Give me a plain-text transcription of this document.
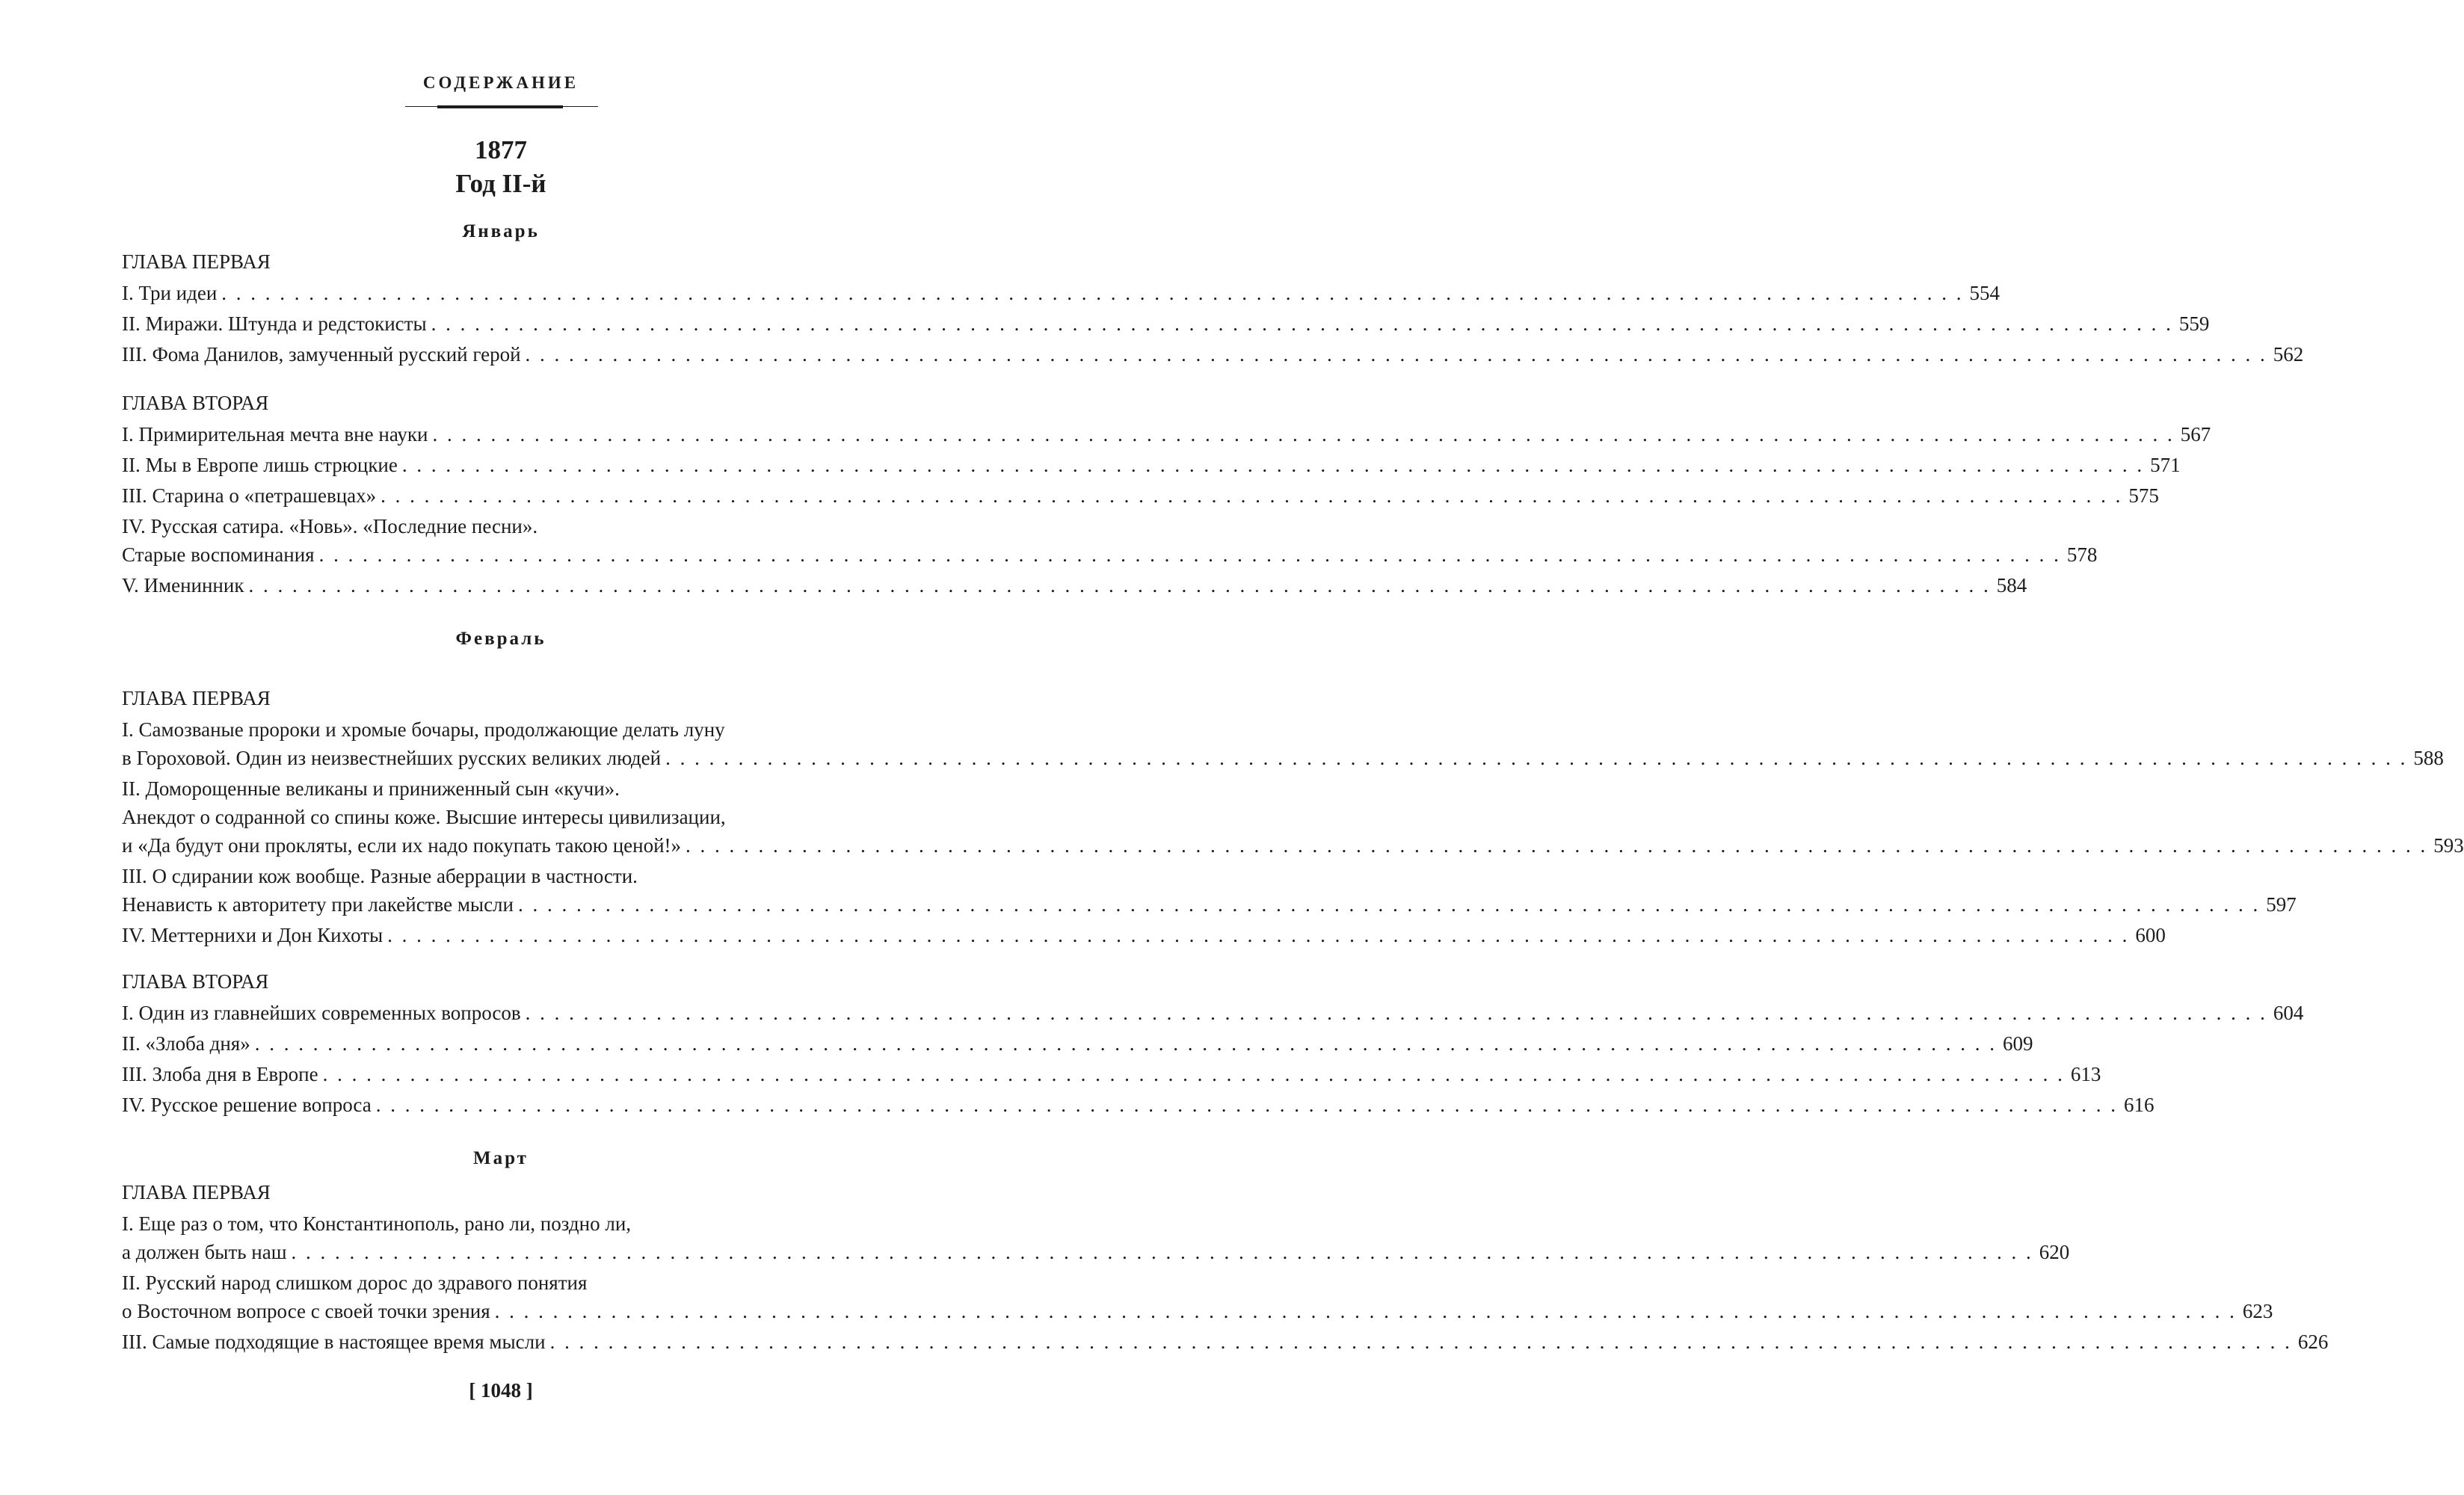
СОДЕРЖАНИЕ
1877
Год II-й
Январь
ГЛАВА ПЕРВАЯ
I. Три идеи . . . . . . . . . . . . . . . . . . . . . . . . . . . . . . . . . . . . . . . . . . . . . . . . . . . . . . . . . . . . . . . . . . . . . . . . . . . . . . . . . . . . . . . . . . . . . . . . . . . . . . . . . . . . . . . . . . . . . . . . 554
II. Миражи. Штунда и редстокисты . . . . . . . . . . . . . . . . . . . . . . . . . . . . . . . . . . . . . . . . . . . . . . . . . . . . . . . . . . . . . . . . . . . . . . . . . . . . . . . . . . . . . . . . . . . . . . . . . . . . . . . . . . . . . . . . . . . . . . . . 559
III. Фома Данилов, замученный русский герой . . . . . . . . . . . . . . . . . . . . . . . . . . . . . . . . . . . . . . . . . . . . . . . . . . . . . . . . . . . . . . . . . . . . . . . . . . . . . . . . . . . . . . . . . . . . . . . . . . . . . . . . . . . . . . . . . . . . . . . . 562
ГЛАВА ВТОРАЯ
I. Примирительная мечта вне науки . . . . . . . . . . . . . . . . . . . . . . . . . . . . . . . . . . . . . . . . . . . . . . . . . . . . . . . . . . . . . . . . . . . . . . . . . . . . . . . . . . . . . . . . . . . . . . . . . . . . . . . . . . . . . . . . . . . . . . . . 567
II. Мы в Европе лишь стрюцкие . . . . . . . . . . . . . . . . . . . . . . . . . . . . . . . . . . . . . . . . . . . . . . . . . . . . . . . . . . . . . . . . . . . . . . . . . . . . . . . . . . . . . . . . . . . . . . . . . . . . . . . . . . . . . . . . . . . . . . . . 571
III. Старина о «петрашевцах» . . . . . . . . . . . . . . . . . . . . . . . . . . . . . . . . . . . . . . . . . . . . . . . . . . . . . . . . . . . . . . . . . . . . . . . . . . . . . . . . . . . . . . . . . . . . . . . . . . . . . . . . . . . . . . . . . . . . . . . . 575
IV. Русская сатира. «Новь». «Последние песни».
Старые воспоминания . . . . . . . . . . . . . . . . . . . . . . . . . . . . . . . . . . . . . . . . . . . . . . . . . . . . . . . . . . . . . . . . . . . . . . . . . . . . . . . . . . . . . . . . . . . . . . . . . . . . . . . . . . . . . . . . . . . . . . . . 578
V. Именинник . . . . . . . . . . . . . . . . . . . . . . . . . . . . . . . . . . . . . . . . . . . . . . . . . . . . . . . . . . . . . . . . . . . . . . . . . . . . . . . . . . . . . . . . . . . . . . . . . . . . . . . . . . . . . . . . . . . . . . . . 584
Февраль
ГЛАВА ПЕРВАЯ
I. Самозваные пророки и хромые бочары, продолжающие делать луну
в Гороховой. Один из неизвестнейших русских великих людей . . . . . . . . . . . . . . . . . . . . . . . . . . . . . . . . . . . . . . . . . . . . . . . . . . . . . . . . . . . . . . . . . . . . . . . . . . . . . . . . . . . . . . . . . . . . . . . . . . . . . . . . . . . . . . . . . . . . . . . . 588
II. Доморощенные великаны и приниженный сын «кучи».
Анекдот о содранной со спины коже. Высшие интересы цивилизации,
и «Да будут они прокляты, если их надо покупать такою ценой!» . . . . . . . . . . . . . . . . . . . . . . . . . . . . . . . . . . . . . . . . . . . . . . . . . . . . . . . . . . . . . . . . . . . . . . . . . . . . . . . . . . . . . . . . . . . . . . . . . . . . . . . . . . . . . . . . . . . . . . . . 593
III. О сдирании кож вообще. Разные аберрации в частности.
Ненависть к авторитету при лакействе мысли . . . . . . . . . . . . . . . . . . . . . . . . . . . . . . . . . . . . . . . . . . . . . . . . . . . . . . . . . . . . . . . . . . . . . . . . . . . . . . . . . . . . . . . . . . . . . . . . . . . . . . . . . . . . . . . . . . . . . . . . 597
IV. Меттернихи и Дон Кихоты . . . . . . . . . . . . . . . . . . . . . . . . . . . . . . . . . . . . . . . . . . . . . . . . . . . . . . . . . . . . . . . . . . . . . . . . . . . . . . . . . . . . . . . . . . . . . . . . . . . . . . . . . . . . . . . . . . . . . . . . 600
ГЛАВА ВТОРАЯ
I. Один из главнейших современных вопросов . . . . . . . . . . . . . . . . . . . . . . . . . . . . . . . . . . . . . . . . . . . . . . . . . . . . . . . . . . . . . . . . . . . . . . . . . . . . . . . . . . . . . . . . . . . . . . . . . . . . . . . . . . . . . . . . . . . . . . . . 604
II. «Злоба дня» . . . . . . . . . . . . . . . . . . . . . . . . . . . . . . . . . . . . . . . . . . . . . . . . . . . . . . . . . . . . . . . . . . . . . . . . . . . . . . . . . . . . . . . . . . . . . . . . . . . . . . . . . . . . . . . . . . . . . . . . 609
III. Злоба дня в Европе . . . . . . . . . . . . . . . . . . . . . . . . . . . . . . . . . . . . . . . . . . . . . . . . . . . . . . . . . . . . . . . . . . . . . . . . . . . . . . . . . . . . . . . . . . . . . . . . . . . . . . . . . . . . . . . . . . . . . . . . 613
IV. Русское решение вопроса . . . . . . . . . . . . . . . . . . . . . . . . . . . . . . . . . . . . . . . . . . . . . . . . . . . . . . . . . . . . . . . . . . . . . . . . . . . . . . . . . . . . . . . . . . . . . . . . . . . . . . . . . . . . . . . . . . . . . . . . 616
Март
ГЛАВА ПЕРВАЯ
I. Еще раз о том, что Константинополь, рано ли, поздно ли,
а должен быть наш . . . . . . . . . . . . . . . . . . . . . . . . . . . . . . . . . . . . . . . . . . . . . . . . . . . . . . . . . . . . . . . . . . . . . . . . . . . . . . . . . . . . . . . . . . . . . . . . . . . . . . . . . . . . . . . . . . . . . . . . 620
II. Русский народ слишком дорос до здравого понятия
о Восточном вопросе с своей точки зрения . . . . . . . . . . . . . . . . . . . . . . . . . . . . . . . . . . . . . . . . . . . . . . . . . . . . . . . . . . . . . . . . . . . . . . . . . . . . . . . . . . . . . . . . . . . . . . . . . . . . . . . . . . . . . . . . . . . . . . . . 623
III. Самые подходящие в настоящее время мысли . . . . . . . . . . . . . . . . . . . . . . . . . . . . . . . . . . . . . . . . . . . . . . . . . . . . . . . . . . . . . . . . . . . . . . . . . . . . . . . . . . . . . . . . . . . . . . . . . . . . . . . . . . . . . . . . . . . . . . . . 626
[ 1048 ]
